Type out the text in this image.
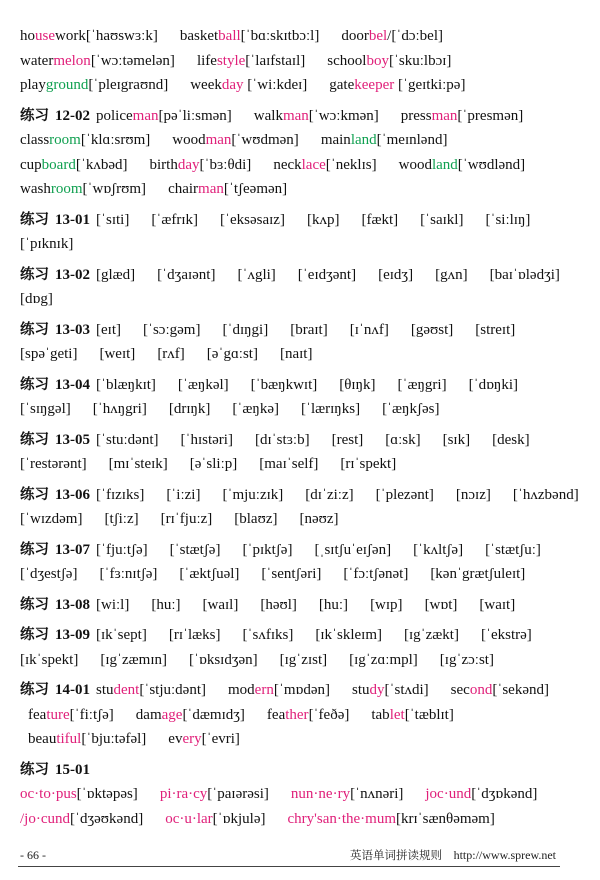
housework[ˈhaʊswɜːk] basketball[ˈbɑːskɪtbɔːl] doorbel/[ˈdɔːbel]
watermelon[ˈwɔːtəmelən] lifestyle[ˈlaɪfstaɪl] schoolboy[ˈskuːlbɔɪ]
playground[ˈpleɪgraʊnd] weekday [ˈwiːkdeɪ] gatekeeper [ˈgeɪtkiːpə]
练习 12-02 policeman[pəˈliːsmən] walkman[ˈwɔːkmən] pressman[ˈpresmən]
classroom[ˈklɑːsrʊm] woodman[ˈwʊdmən] mainland[ˈmeɪnlənd]
cupboard[ˈkʌbəd] birthday[ˈbɜːθdi] necklace[ˈneklɪs] woodland[ˈwʊdlənd]
washroom[ˈwɒʃrʊm] chairman[ˈtʃeəmən]
练习 13-01 [ˈsɪti] [ˈæfrɪk] [ˈeksəsaɪz] [kʌp] [fækt] [ˈsaɪkl] [ˈsiːlɪŋ]
[ˈpɪknɪk]
练习 13-02 [glæd] [ˈdʒaɪənt] [ˈʌgli] [ˈeɪdʒənt] [eɪdʒ] [gʌn] [baɪˈɒlədʒi]
[dɒg]
练习 13-03 [eɪt] [ˈsɔːgəm] [ˈdɪŋgi] [braɪt] [ɪˈnʌf] [gəʊst] [streɪt]
[spəˈgeti] [weɪt] [rʌf] [əˈgɑːst] [naɪt]
练习 13-04 [ˈblæŋkɪt] [ˈæŋkəl] [ˈbæŋkwɪt] [θɪŋk] [ˈæŋgri] [ˈdɒŋki]
[ˈsɪŋgəl] [ˈhʌŋgri] [drɪŋk] [ˈæŋkə] [ˈlærɪŋks] [ˈæŋkʃəs]
练习 13-05 [ˈstuːdənt] [ˈhɪstəri] [dɪˈstɜːb] [rest] [ɑːsk] [sɪk] [desk]
[ˈrestərənt] [mɪˈsteɪk] [əˈsliːp] [maɪˈself] [rɪˈspekt]
练习 13-06 [ˈfɪzɪks] [ˈiːzi] [ˈmjuːzɪk] [dɪˈziːz] [ˈplezənt] [nɔɪz] [ˈhʌzbənd]
[ˈwɪzdəm] [tʃiːz] [rɪˈfjuːz] [blaʊz] [nəʊz]
练习 13-07 [ˈfjuːtʃə] [ˈstætʃə] [ˈpɪktʃə] [ˌsɪtʃuˈeɪʃən] [ˈkʌltʃə] [ˈstætʃuː]
[ˈdʒestʃə] [ˈfɜːnɪtʃə] [ˈæktʃuəl] [ˈsentʃəri] [ˈfɔːtʃənət] [kənˈgrætʃuleɪt]
练习 13-08 [wiːl] [huː] [waɪl] [həʊl] [huː] [wɪp] [wɒt] [waɪt]
练习 13-09 [ɪkˈsept] [rɪˈlæks] [ˈsʌfɪks] [ɪkˈskleɪm] [ɪgˈzækt] [ˈekstrə]
[ɪkˈspekt] [ɪgˈzæmɪn] [ˈɒksɪdʒən] [ɪgˈzɪst] [ɪgˈzɑːmpl] [ɪgˈzɔːst]
练习 14-01 student[ˈstjuːdənt] modern[ˈmɒdən] study[ˈstʌdi] second[ˈsekənd]
feature[ˈfiːtʃə] damage[ˈdæmɪdʒ] feather[ˈfeðə] tablet[ˈtæblɪt]
beautiful[ˈbjuːtəfəl] every[ˈevri]
练习 15-01
oc·to·pus[ˈɒktəpəs] pi·ra·cy[ˈpaɪərəsi] nun·ne·ry[ˈnʌnəri] joc·und[ˈdʒɒkənd]
/jo·cund[ˈdʒəʊkənd] oc·u·lar[ˈɒkjulə] chry'san·the·mum[krɪˈsænθəməm]
- 66 -	英语单词拼读规则 http://www.sprew.net
